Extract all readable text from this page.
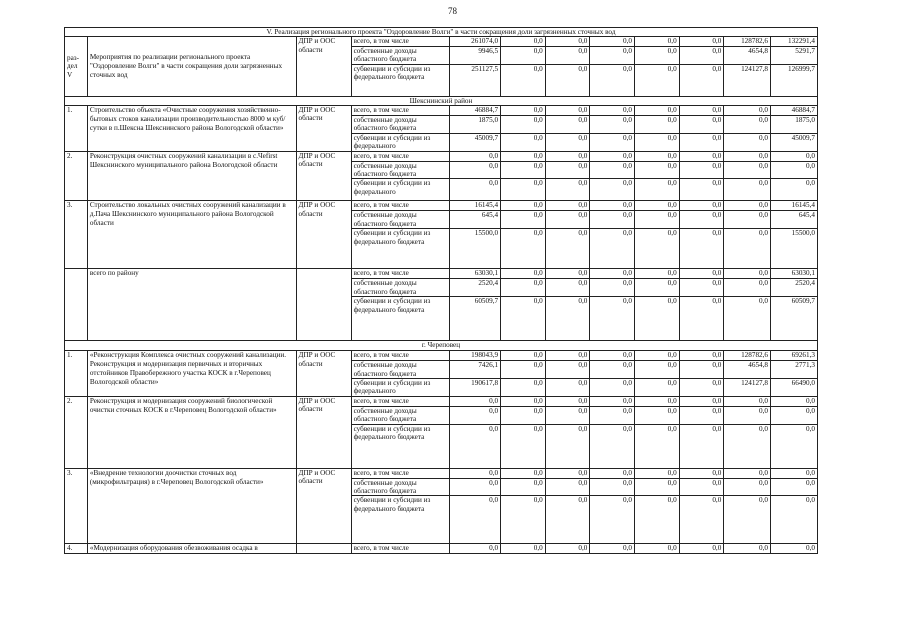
78
V. Реализация регионального проекта "Оздоровление Волги" в части сокращения доли загрязненных сточных вод											
раз-
дел
V	Мероприятия по реализации регионального проекта "Оздоровление Волги" в части сокращения доли загрязненных сточных вод	ДПР и ООС области	всего, в том числе	261074,0	0,0	0,0	0,0	0,0	0,0	128782,6	132291,4
			собственные доходы областного бюджета	9946,5	0,0	0,0	0,0	0,0	0,0	4654,8	5291,7
			субвенции и субсидии из федерального бюджета	251127,5	0,0	0,0	0,0	0,0	0,0	124127,8	126999,7
Шекснинский район											
1.	Строительство объекта «Очистные сооружения хозяйственно-бытовых стоков канализации производительностью 8000 м куб/сутки в п.Шексна Шекснинского района Вологодской области»	ДПР и ООС области	всего, в том числе	46884,7	0,0	0,0	0,0	0,0	0,0	0,0	46884,7
			собственные доходы областного бюджета	1875,0	0,0	0,0	0,0	0,0	0,0	0,0	1875,0
			субвенции и субсидии из федерального	45009,7	0,0	0,0	0,0	0,0	0,0	0,0	45009,7
2.	Реконструкция очистных сооружений канализации в с.Чеfirst Шекснинского муниципального района Вологодской области	ДПР и ООС области	всего, в том числе	0,0	0,0	0,0	0,0	0,0	0,0	0,0	0,0
			собственные доходы областного бюджета	0,0	0,0	0,0	0,0	0,0	0,0	0,0	0,0
			субвенции и субсидии из федерального	0,0	0,0	0,0	0,0	0,0	0,0	0,0	0,0
3.	Строительство локальных очистных сооружений канализации в д.Пача Шекснинского муниципального района Вологодской области	ДПР и ООС области	всего, в том числе	16145,4	0,0	0,0	0,0	0,0	0,0	0,0	16145,4
			собственные доходы областного бюджета	645,4	0,0	0,0	0,0	0,0	0,0	0,0	645,4
			субвенции и субсидии из федерального бюджета	15500,0	0,0	0,0	0,0	0,0	0,0	0,0	15500,0
	всего по району		всего, в том числе	63030,1	0,0	0,0	0,0	0,0	0,0	0,0	63030,1
			собственные доходы областного бюджета	2520,4	0,0	0,0	0,0	0,0	0,0	0,0	2520,4
			субвенции и субсидии из федерального бюджета	60509,7	0,0	0,0	0,0	0,0	0,0	0,0	60509,7
г. Череповец											
1.	«Реконструкция Комплекса очистных сооружений канализации. Реконструкция и модернизация первичных и вторичных отстойников Правобережного участка КОСК в г.Череповец Вологодской области»	ДПР и ООС области	всего, в том числе	198043,9	0,0	0,0	0,0	0,0	0,0	128782,6	69261,3
			собственные доходы областного бюджета	7426,1	0,0	0,0	0,0	0,0	0,0	4654,8	2771,3
			субвенции и субсидии из федерального	190617,8	0,0	0,0	0,0	0,0	0,0	124127,8	66490,0
2.	Реконструкция и модернизация сооружений биологической очистки сточных КОСК в г.Череповец Вологодской области»	ДПР и ООС области	всего, в том числе	0,0	0,0	0,0	0,0	0,0	0,0	0,0	0,0
			собственные доходы областного бюджета	0,0	0,0	0,0	0,0	0,0	0,0	0,0	0,0
			субвенции и субсидии из федерального бюджета	0,0	0,0	0,0	0,0	0,0	0,0	0,0	0,0
3.	«Внедрение технологии доочистки сточных вод (микрофильтрация) в г.Череповец Вологодской области»	ДПР и ООС области	всего, в том числе	0,0	0,0	0,0	0,0	0,0	0,0	0,0	0,0
			собственные доходы областного бюджета	0,0	0,0	0,0	0,0	0,0	0,0	0,0	0,0
			субвенции и субсидии из федерального бюджета	0,0	0,0	0,0	0,0	0,0	0,0	0,0	0,0
4.	«Модернизация оборудования обезвоживания осадка в		всего, в том числе	0,0	0,0	0,0	0,0	0,0	0,0	0,0	0,0
